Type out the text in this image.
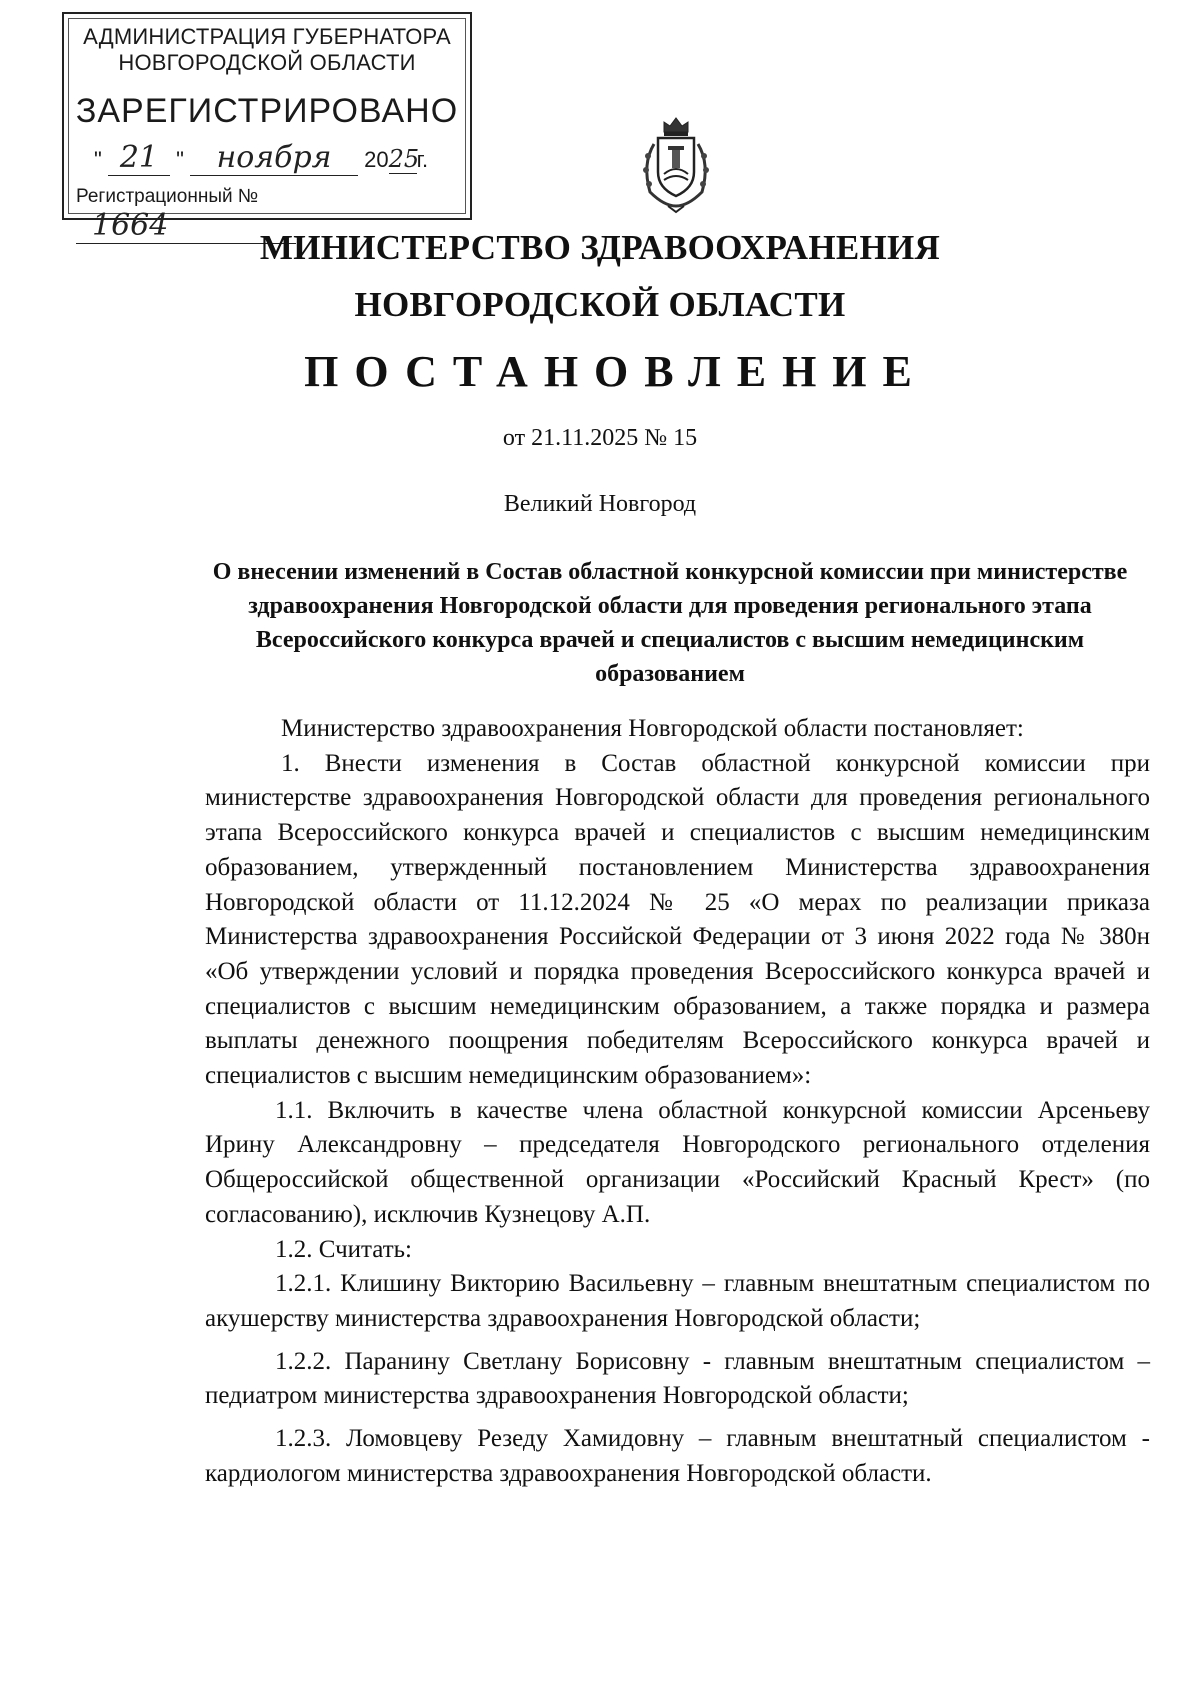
АДМИНИСТРАЦИЯ ГУБЕРНАТОРА
НОВГОРОДСКОЙ ОБЛАСТИ
ЗАРЕГИСТРИРОВАНО
" 21 " ноября 2025г.
Регистрационный № 1664
МИНИСТЕРСТВО ЗДРАВООХРАНЕНИЯ
НОВГОРОДСКОЙ ОБЛАСТИ
ПОСТАНОВЛЕНИЕ
от 21.11.2025 № 15
Великий Новгород
О внесении изменений в Состав областной конкурсной комиссии при министерстве здравоохранения Новгородской области для проведения регионального этапа Всероссийского конкурса врачей и специалистов с высшим немедицинским образованием

Министерство здравоохранения Новгородской области постановляет:

1. Внести изменения в Состав областной конкурсной комиссии при министерстве здравоохранения Новгородской области для проведения регионального этапа Всероссийского конкурса врачей и специалистов с высшим немедицинским образованием, утвержденный постановлением Министерства здравоохранения Новгородской области от 11.12.2024 № 25 «О мерах по реализации приказа Министерства здравоохранения Российской Федерации от 3 июня 2022 года № 380н «Об утверждении условий и порядка проведения Всероссийского конкурса врачей и специалистов с высшим немедицинским образованием, а также порядка и размера выплаты денежного поощрения победителям Всероссийского конкурса врачей и специалистов с высшим немедицинским образованием»:

1.1. Включить в качестве члена областной конкурсной комиссии Арсеньеву Ирину Александровну – председателя Новгородского регионального отделения Общероссийской общественной организации «Российский Красный Крест» (по согласованию), исключив Кузнецову А.П.

1.2. Считать:

1.2.1. Клишину Викторию Васильевну – главным внештатным специалистом по акушерству министерства здравоохранения Новгородской области;

1.2.2. Паранину Светлану Борисовну - главным внештатным специалистом – педиатром министерства здравоохранения Новгородской области;

1.2.3. Ломовцеву Резеду Хамидовну – главным внештатный специалистом - кардиологом министерства здравоохранения Новгородской области.
